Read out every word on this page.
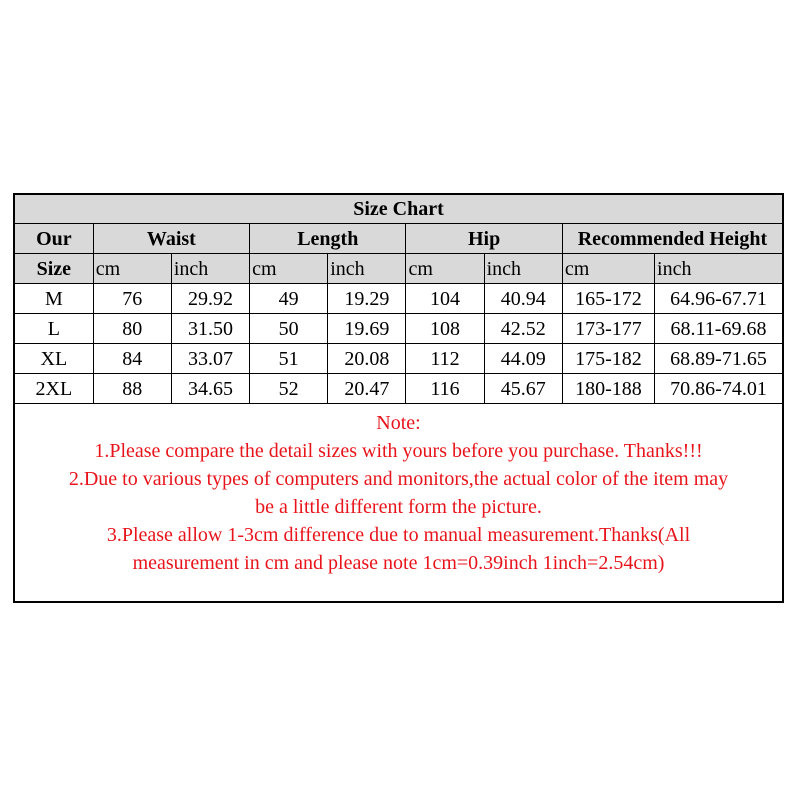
Size Chart								
Our	Waist		Length		Hip		Recommended Height	
Size	cm	inch	cm	inch	cm	inch	cm	inch
M	76	29.92	49	19.29	104	40.94	165-172	64.96-67.71
L	80	31.50	50	19.69	108	42.52	173-177	68.11-69.68
XL	84	33.07	51	20.08	112	44.09	175-182	68.89-71.65
2XL	88	34.65	52	20.47	116	45.67	180-188	70.86-74.01
Note:
1.Please compare the detail sizes with yours before you purchase. Thanks!!!
2.Due to various types of computers and monitors,the actual color of the item may
be a little different form the picture.
3.Please allow 1-3cm difference due to manual measurement.Thanks(All
measurement in cm and please note 1cm=0.39inch 1inch=2.54cm)
